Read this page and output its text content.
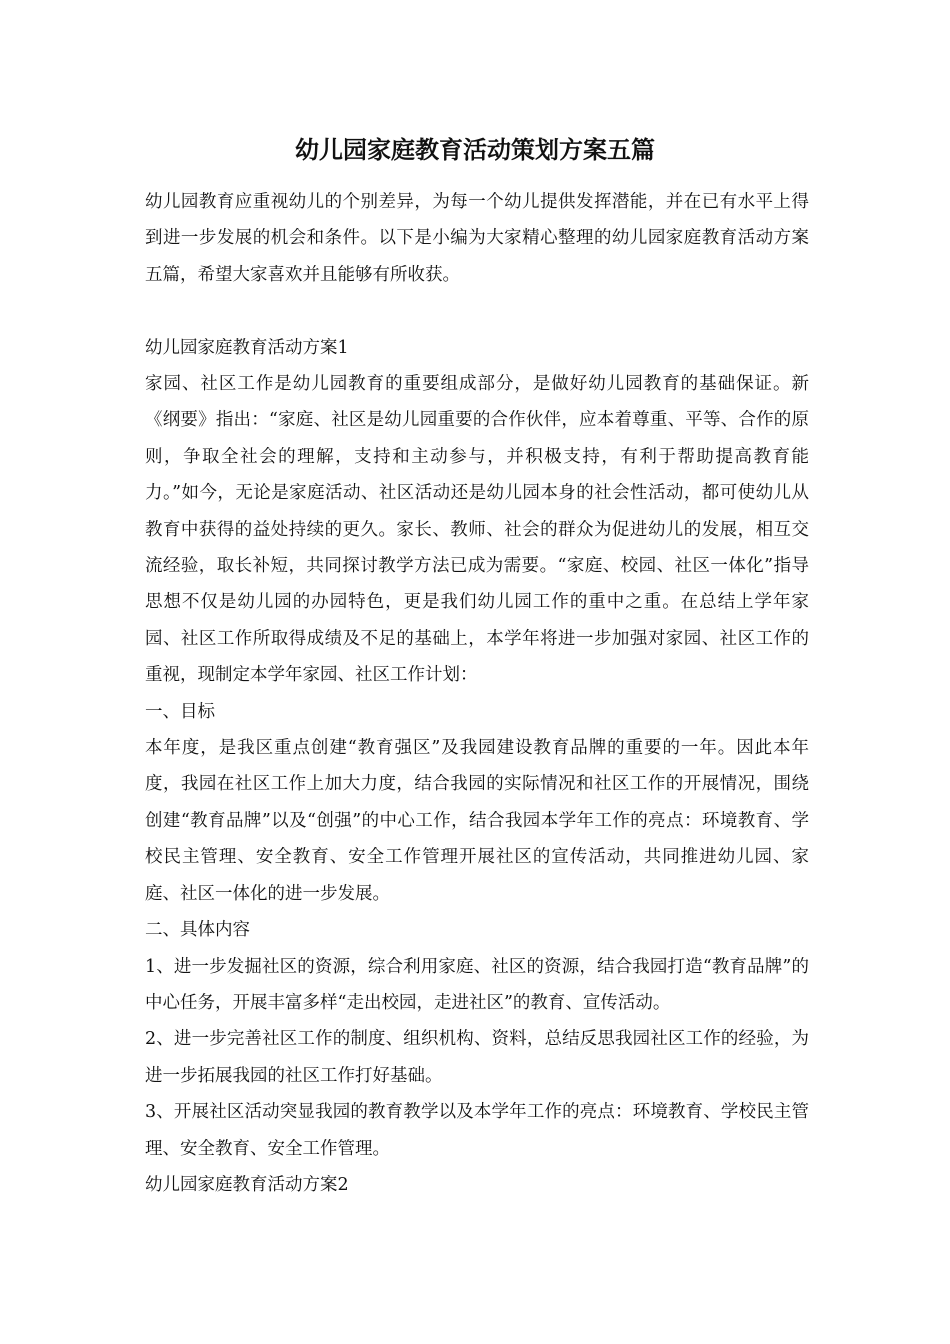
幼儿园家庭教育活动策划方案五篇

幼儿园教育应重视幼儿的个别差异，为每一个幼儿提供发挥潜能，并在已有水平上得到进一步发展的机会和条件。以下是小编为大家精心整理的幼儿园家庭教育活动方案五篇，希望大家喜欢并且能够有所收获。

幼儿园家庭教育活动方案1

家园、社区工作是幼儿园教育的重要组成部分，是做好幼儿园教育的基础保证。新《纲要》指出：“家庭、社区是幼儿园重要的合作伙伴，应本着尊重、平等、合作的原则，争取全社会的理解，支持和主动参与，并积极支持，有利于帮助提高教育能力。”如今，无论是家庭活动、社区活动还是幼儿园本身的社会性活动，都可使幼儿从教育中获得的益处持续的更久。家长、教师、社会的群众为促进幼儿的发展，相互交流经验，取长补短，共同探讨教学方法已成为需要。“家庭、校园、社区一体化”指导思想不仅是幼儿园的办园特色，更是我们幼儿园工作的重中之重。在总结上学年家园、社区工作所取得成绩及不足的基础上，本学年将进一步加强对家园、社区工作的重视，现制定本学年家园、社区工作计划：

一、目标

本年度，是我区重点创建“教育强区”及我园建设教育品牌的重要的一年。因此本年度，我园在社区工作上加大力度，结合我园的实际情况和社区工作的开展情况，围绕创建“教育品牌”以及“创强”的中心工作，结合我园本学年工作的亮点：环境教育、学校民主管理、安全教育、安全工作管理开展社区的宣传活动，共同推进幼儿园、家庭、社区一体化的进一步发展。

二、具体内容

1、进一步发掘社区的资源，综合利用家庭、社区的资源，结合我园打造“教育品牌”的中心任务，开展丰富多样“走出校园，走进社区”的教育、宣传活动。

2、进一步完善社区工作的制度、组织机构、资料，总结反思我园社区工作的经验，为进一步拓展我园的社区工作打好基础。

3、开展社区活动突显我园的教育教学以及本学年工作的亮点：环境教育、学校民主管理、安全教育、安全工作管理。

幼儿园家庭教育活动方案2
